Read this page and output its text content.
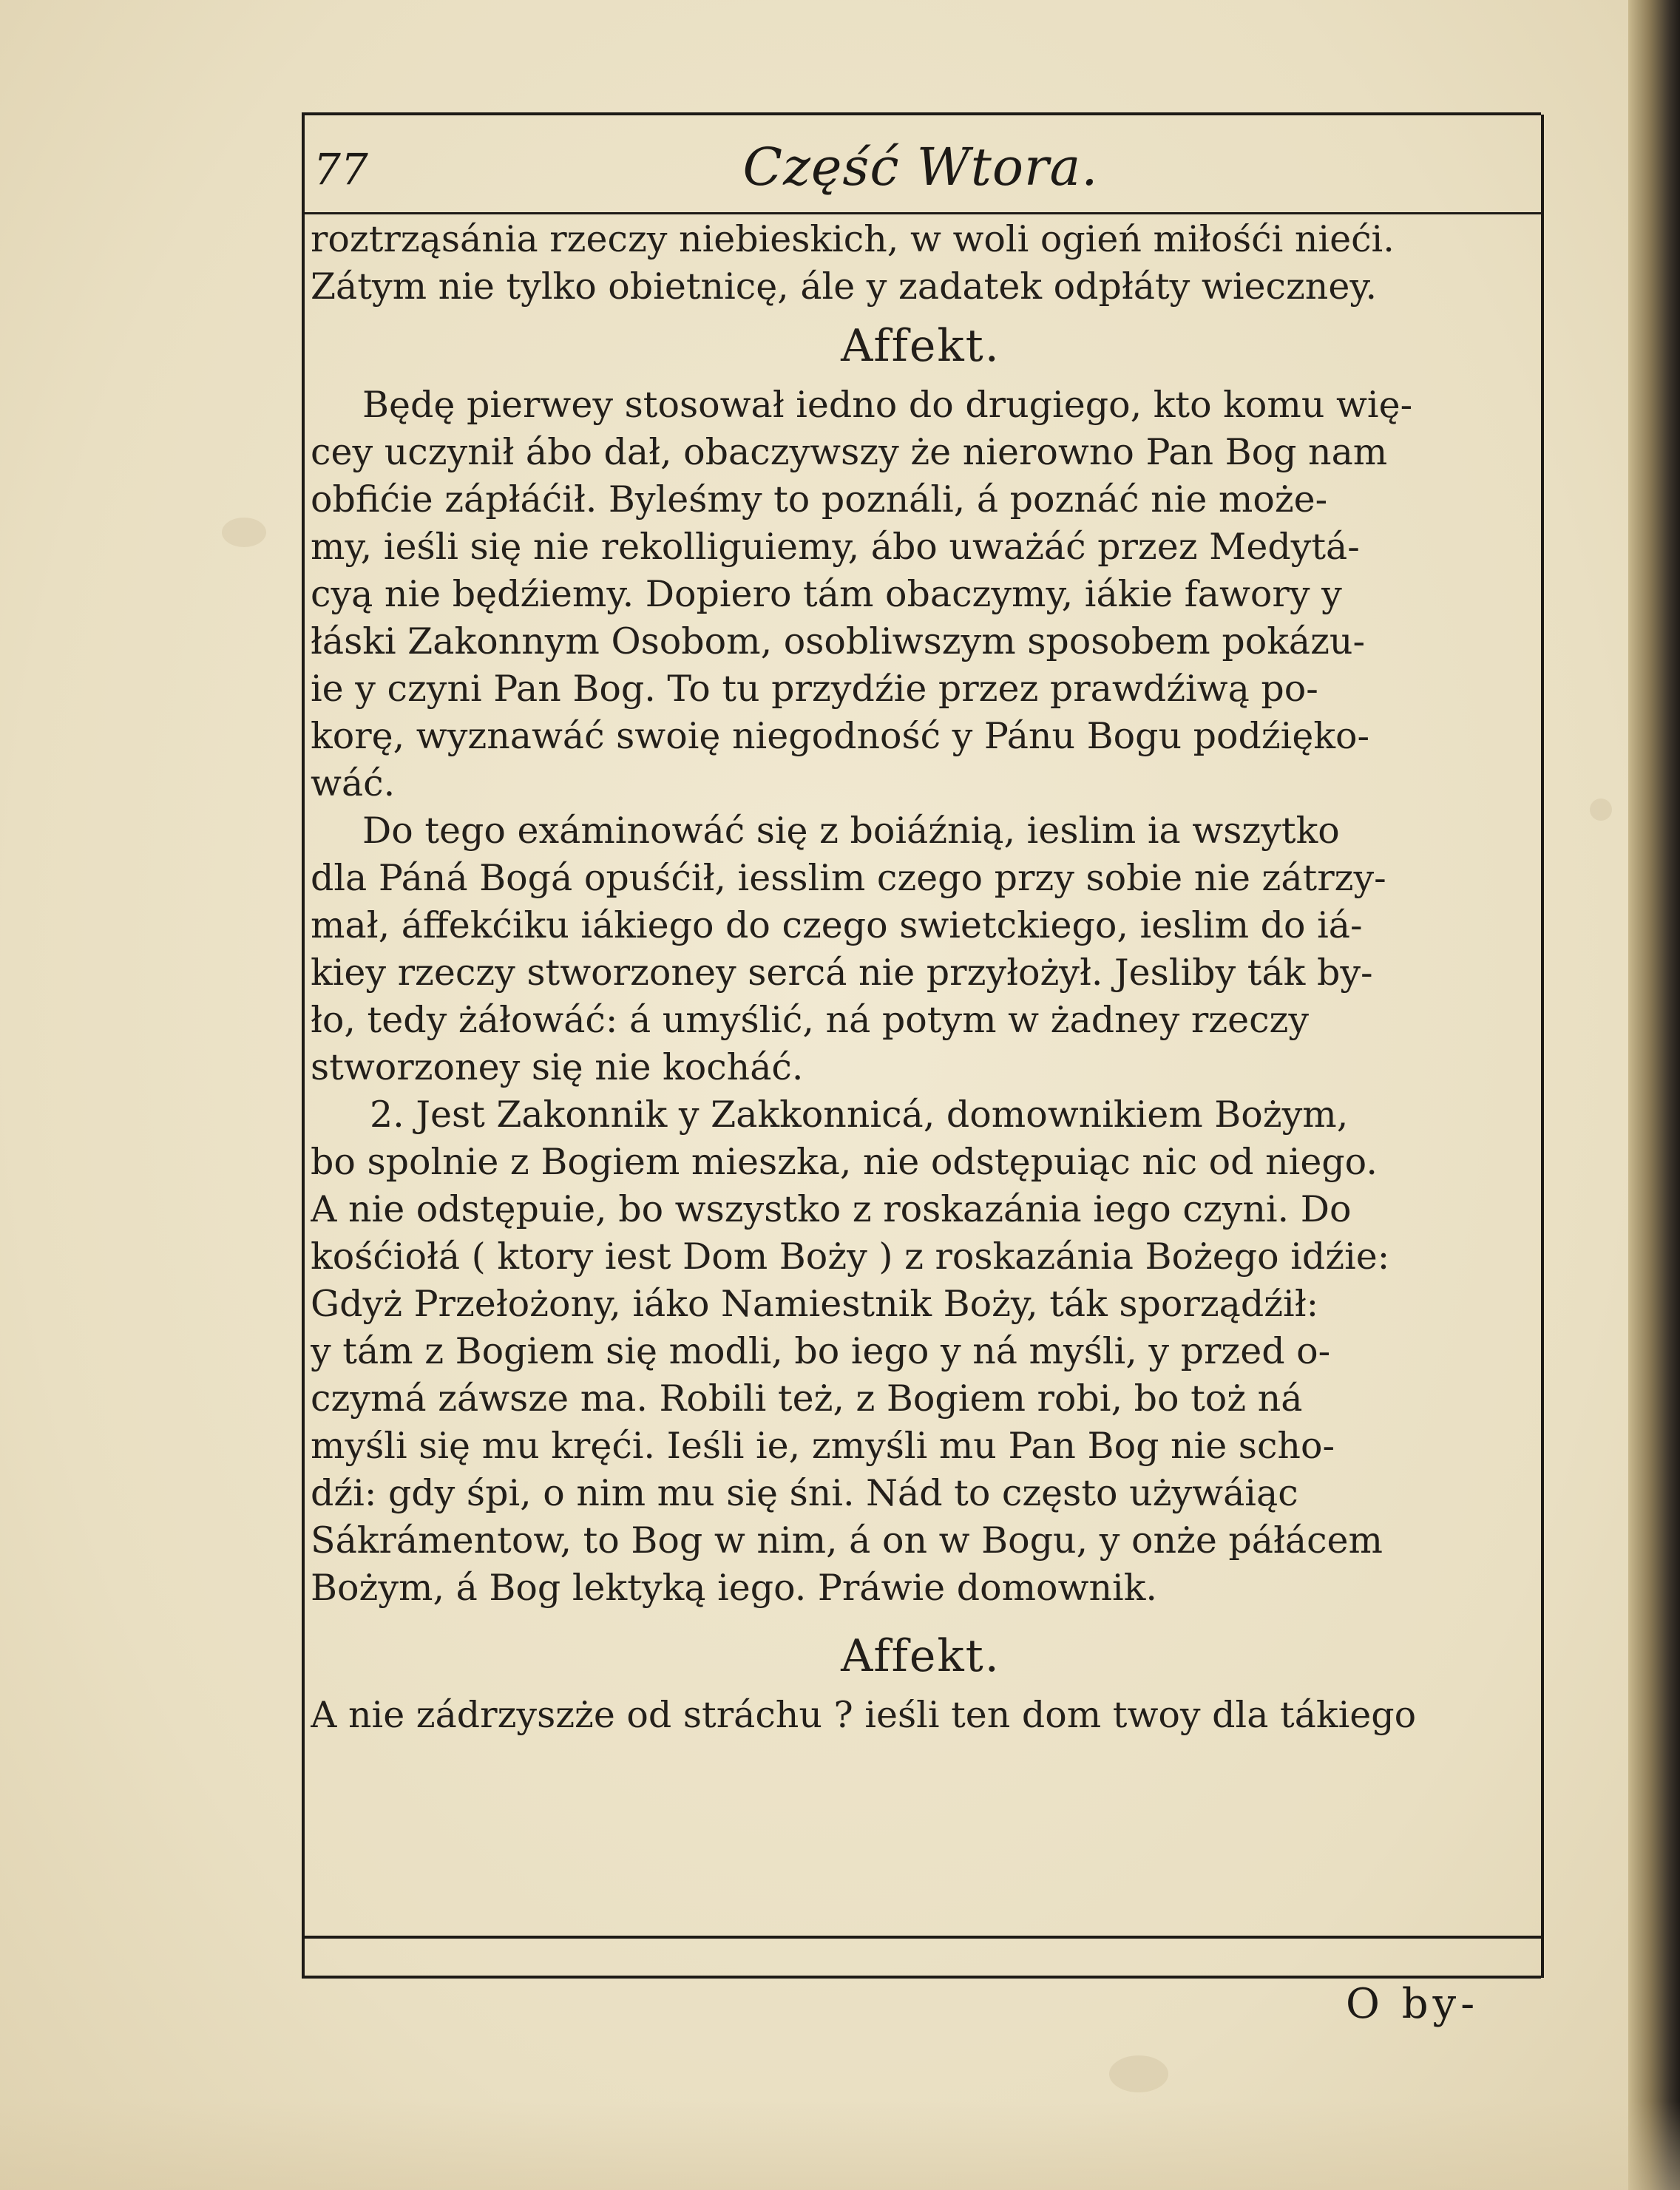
77	Część Wtora.
roztrząsánia rzeczy niebieskich, w woli ogień miłośći nieći.
Zátym nie tylko obietnicę, ále y zadatek odpłáty wieczney.
Affekt.
Będę pierwey stosował iedno do drugiego, kto komu wię-
cey uczynił ábo dał, obaczywszy że nierowno Pan Bog nam
obfićie zápłáćił. Byleśmy to poználi, á poznáć nie może-
my, ieśli się nie rekolliguiemy, ábo uważáć przez Medytá-
cyą nie będźiemy. Dopiero tám obaczymy, iákie fawory y
łáski Zakonnym Osobom, osobliwszym sposobem pokázu-
ie y czyni Pan Bog. To tu przydźie przez prawdźiwą po-
korę, wyznawáć swoię niegodność y Pánu Bogu podźięko-
wáć.
Do tego exáminowáć się z boiáźnią, ieslim ia wszytko
dla Páná Bogá opuśćił, iesslim czego przy sobie nie zátrzy-
mał, áffekćiku iákiego do czego swietckiego, ieslim do iá-
kiey rzeczy stworzoney sercá nie przyłożył. Jesliby ták by-
ło, tedy żáłowáć: á umyślić, ná potym w żadney rzeczy
stworzoney się nie kocháć.
2. Jest Zakonnik y Zakkonnicá, domownikiem Bożym,
bo spolnie z Bogiem mieszka, nie odstępuiąc nic od niego.
A nie odstępuie, bo wszystko z roskazánia iego czyni. Do
kośćiołá ( ktory iest Dom Boży ) z roskazánia Bożego idźie:
Gdyż Przełożony, iáko Namiestnik Boży, ták sporządźił:
y tám z Bogiem się modli, bo iego y ná myśli, y przed o-
czymá záwsze ma. Robili też, z Bogiem robi, bo toż ná
myśli się mu kręći. Ieśli ie, zmyśli mu Pan Bog nie scho-
dźi: gdy śpi, o nim mu się śni. Nád to często używáiąc
Sákrámentow, to Bog w nim, á on w Bogu, y onże páłácem
Bożym, á Bog lektyką iego. Práwie domownik.
Affekt.
A nie zádrzyszże od stráchu ? ieśli ten dom twoy dla tákiego
O by-
